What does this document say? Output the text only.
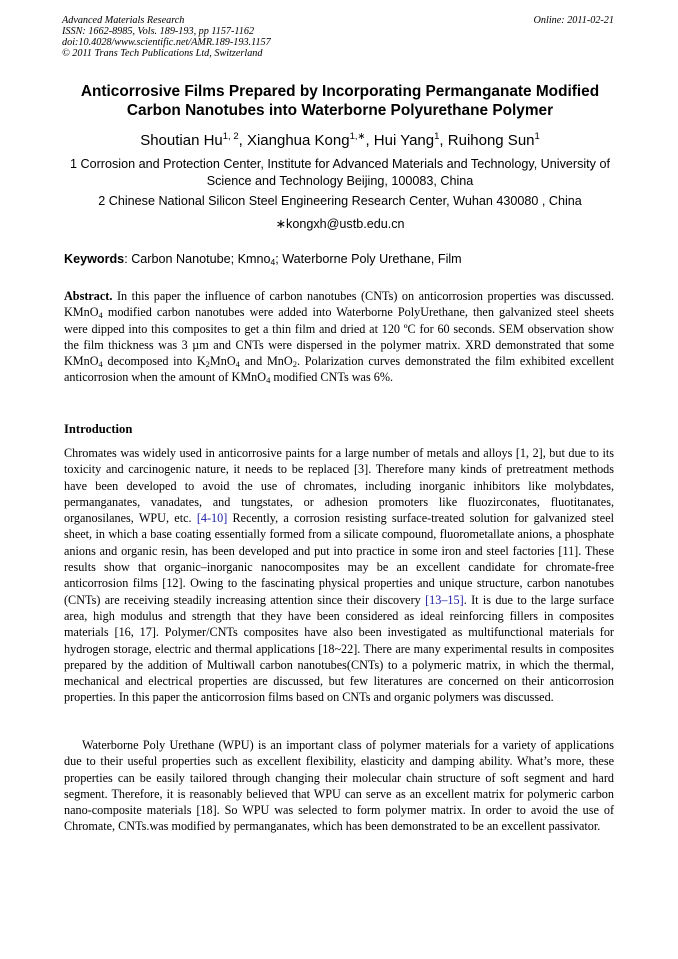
Advanced Materials Research
ISSN: 1662-8985, Vols. 189-193, pp 1157-1162
doi:10.4028/www.scientific.net/AMR.189-193.1157
© 2011 Trans Tech Publications Ltd, Switzerland
Online: 2011-02-21
Anticorrosive Films Prepared by Incorporating Permanganate Modified
Carbon Nanotubes into Waterborne Polyurethane Polymer
Shoutian Hu$^{1, 2}$, Xianghua Kong$^{1,∗}$, Hui Yang$^1$, Ruihong Sun$^1$
1 Corrosion and Protection Center, Institute for Advanced Materials and Technology, University of Science and Technology Beijing, 100083, China
2 Chinese National Silicon Steel Engineering Research Center, Wuhan 430080 , China
∗kongxh@ustb.edu.cn
Keywords: Carbon Nanotube; Kmno$_4$; Waterborne Poly Urethane, Film
Abstract. In this paper the influence of carbon nanotubes (CNTs) on anticorrosion properties was discussed. KMnO$_4$ modified carbon nanotubes were added into Waterborne PolyUrethane, then galvanized steel sheets were dipped into this composites to get a thin film and dried at 120 ºC for 60 seconds. SEM observation show the film thickness was 3 µm and CNTs were dispersed in the polymer matrix. XRD demonstrated that some KMnO$_4$ decomposed into $K_2MnO_4$ and MnO$_2$. Polarization curves demonstrated the film exhibited excellent anticorrosion when the amount of KMnO$_4$ modified CNTs was 6%.
Introduction
Chromates was widely used in anticorrosive paints for a large number of metals and alloys [1, 2], but due to its toxicity and carcinogenic nature, it needs to be replaced [3]. Therefore many kinds of pretreatment methods have been developed to avoid the use of chromates, including inorganic inhibitors like molybdates, permanganates, vanadates, and tungstates, or adhesion promoters like fluozirconates, fluotitanates, organosilanes, WPU, etc. [4-10] Recently, a corrosion resisting surface-treated solution for galvanized steel sheet, in which a base coating essentially formed from a silicate compound, fluorometallate anions, a phosphate anions and organic resin, has been developed and put into practice in some iron and steel factories [11]. These results show that organic–inorganic nanocomposites may be an excellent candidate for chromate-free anticorrosion films [12]. Owing to the fascinating physical properties and unique structure, carbon nanotubes (CNTs) are receiving steadily increasing attention since their discovery [13–15]. It is due to the large surface area, high modulus and strength that they have been considered as ideal reinforcing fillers in composites materials [16, 17]. Polymer/CNTs composites have also been investigated as multifunctional materials for hydrogen storage, electric and thermal applications [18~22]. There are many experimental results in composites prepared by the addition of Multiwall carbon nanotubes(CNTs) to a polymeric matrix, in which the thermal, mechanical and electrical properties are discussed, but few literatures are concerned on their anticorrosion properties. In this paper the anticorrosion films based on CNTs and organic polymers was discussed.
Waterborne Poly Urethane (WPU) is an important class of polymer materials for a variety of applications due to their useful properties such as excellent flexibility, elasticity and damping ability. What’s more, these properties can be easily tailored through changing their molecular chain structure of soft segment and hard segment. Therefore, it is reasonably believed that WPU can serve as an excellent matrix for polymeric carbon nano-composite materials [18]. So WPU was selected to form polymer matrix. In order to avoid the use of Chromate, CNTs.was modified by permanganates, which has been demonstrated to be an excellent passivator.
